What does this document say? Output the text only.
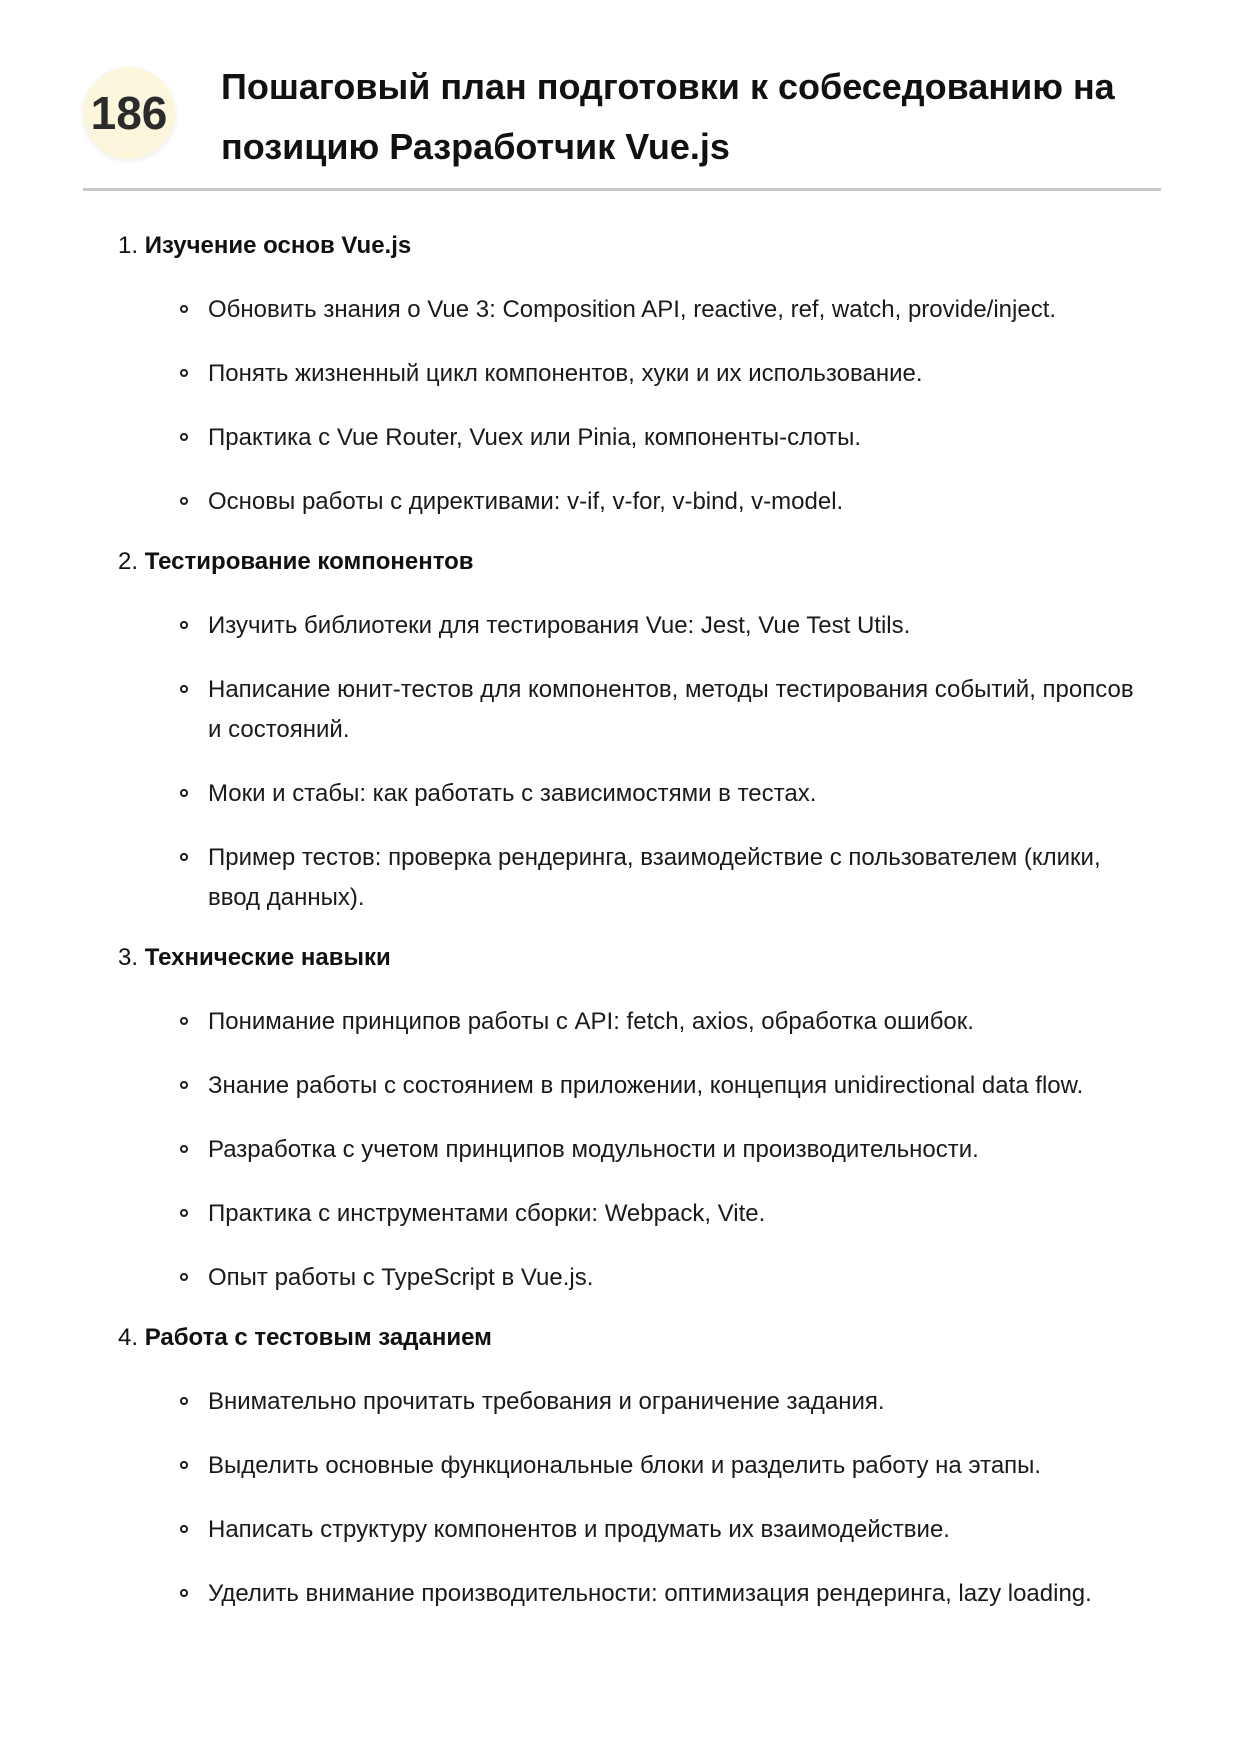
186
Пошаговый план подготовки к собеседованию на позицию Разработчик Vue.js
1. Изучение основ Vue.js
Обновить знания о Vue 3: Composition API, reactive, ref, watch, provide/inject.
Понять жизненный цикл компонентов, хуки и их использование.
Практика с Vue Router, Vuex или Pinia, компоненты-слоты.
Основы работы с директивами: v-if, v-for, v-bind, v-model.
2. Тестирование компонентов
Изучить библиотеки для тестирования Vue: Jest, Vue Test Utils.
Написание юнит-тестов для компонентов, методы тестирования событий, пропсов и состояний.
Моки и стабы: как работать с зависимостями в тестах.
Пример тестов: проверка рендеринга, взаимодействие с пользователем (клики, ввод данных).
3. Технические навыки
Понимание принципов работы с API: fetch, axios, обработка ошибок.
Знание работы с состоянием в приложении, концепция unidirectional data flow.
Разработка с учетом принципов модульности и производительности.
Практика с инструментами сборки: Webpack, Vite.
Опыт работы с TypeScript в Vue.js.
4. Работа с тестовым заданием
Внимательно прочитать требования и ограничение задания.
Выделить основные функциональные блоки и разделить работу на этапы.
Написать структуру компонентов и продумать их взаимодействие.
Уделить внимание производительности: оптимизация рендеринга, lazy loading.
